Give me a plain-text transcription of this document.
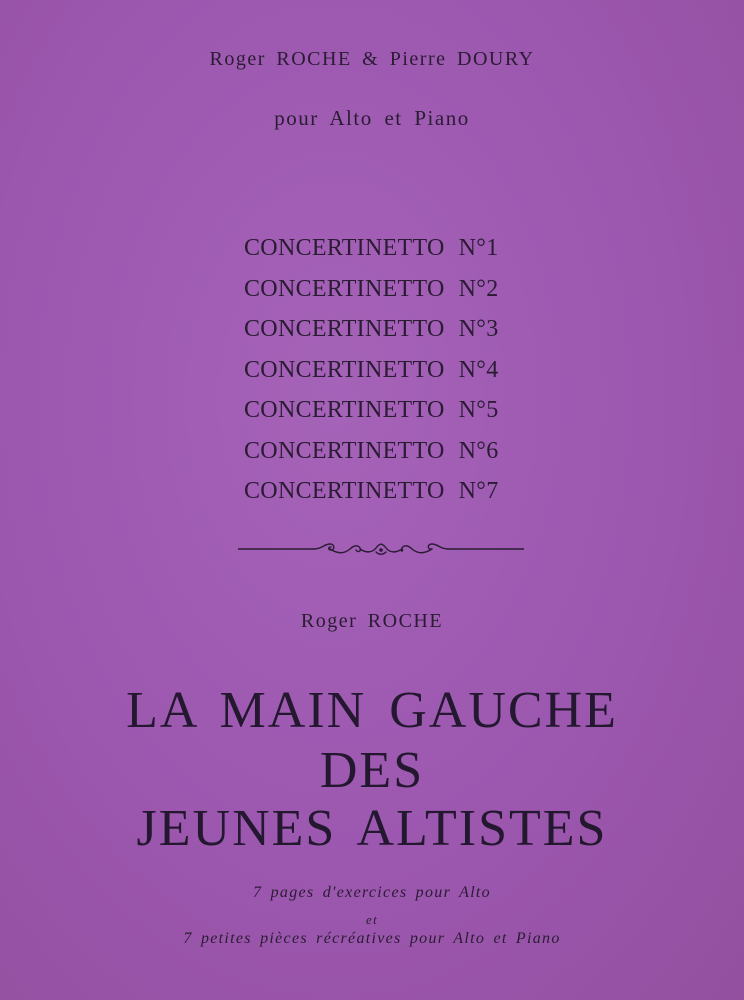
Roger ROCHE & Pierre DOURY
pour Alto et Piano
CONCERTINETTO N°1
CONCERTINETTO N°2
CONCERTINETTO N°3
CONCERTINETTO N°4
CONCERTINETTO N°5
CONCERTINETTO N°6
CONCERTINETTO N°7
Roger ROCHE
LA MAIN GAUCHE
DES
JEUNES ALTISTES
7 pages d'exercices pour Alto
et
7 petites pièces récréatives pour Alto et Piano
